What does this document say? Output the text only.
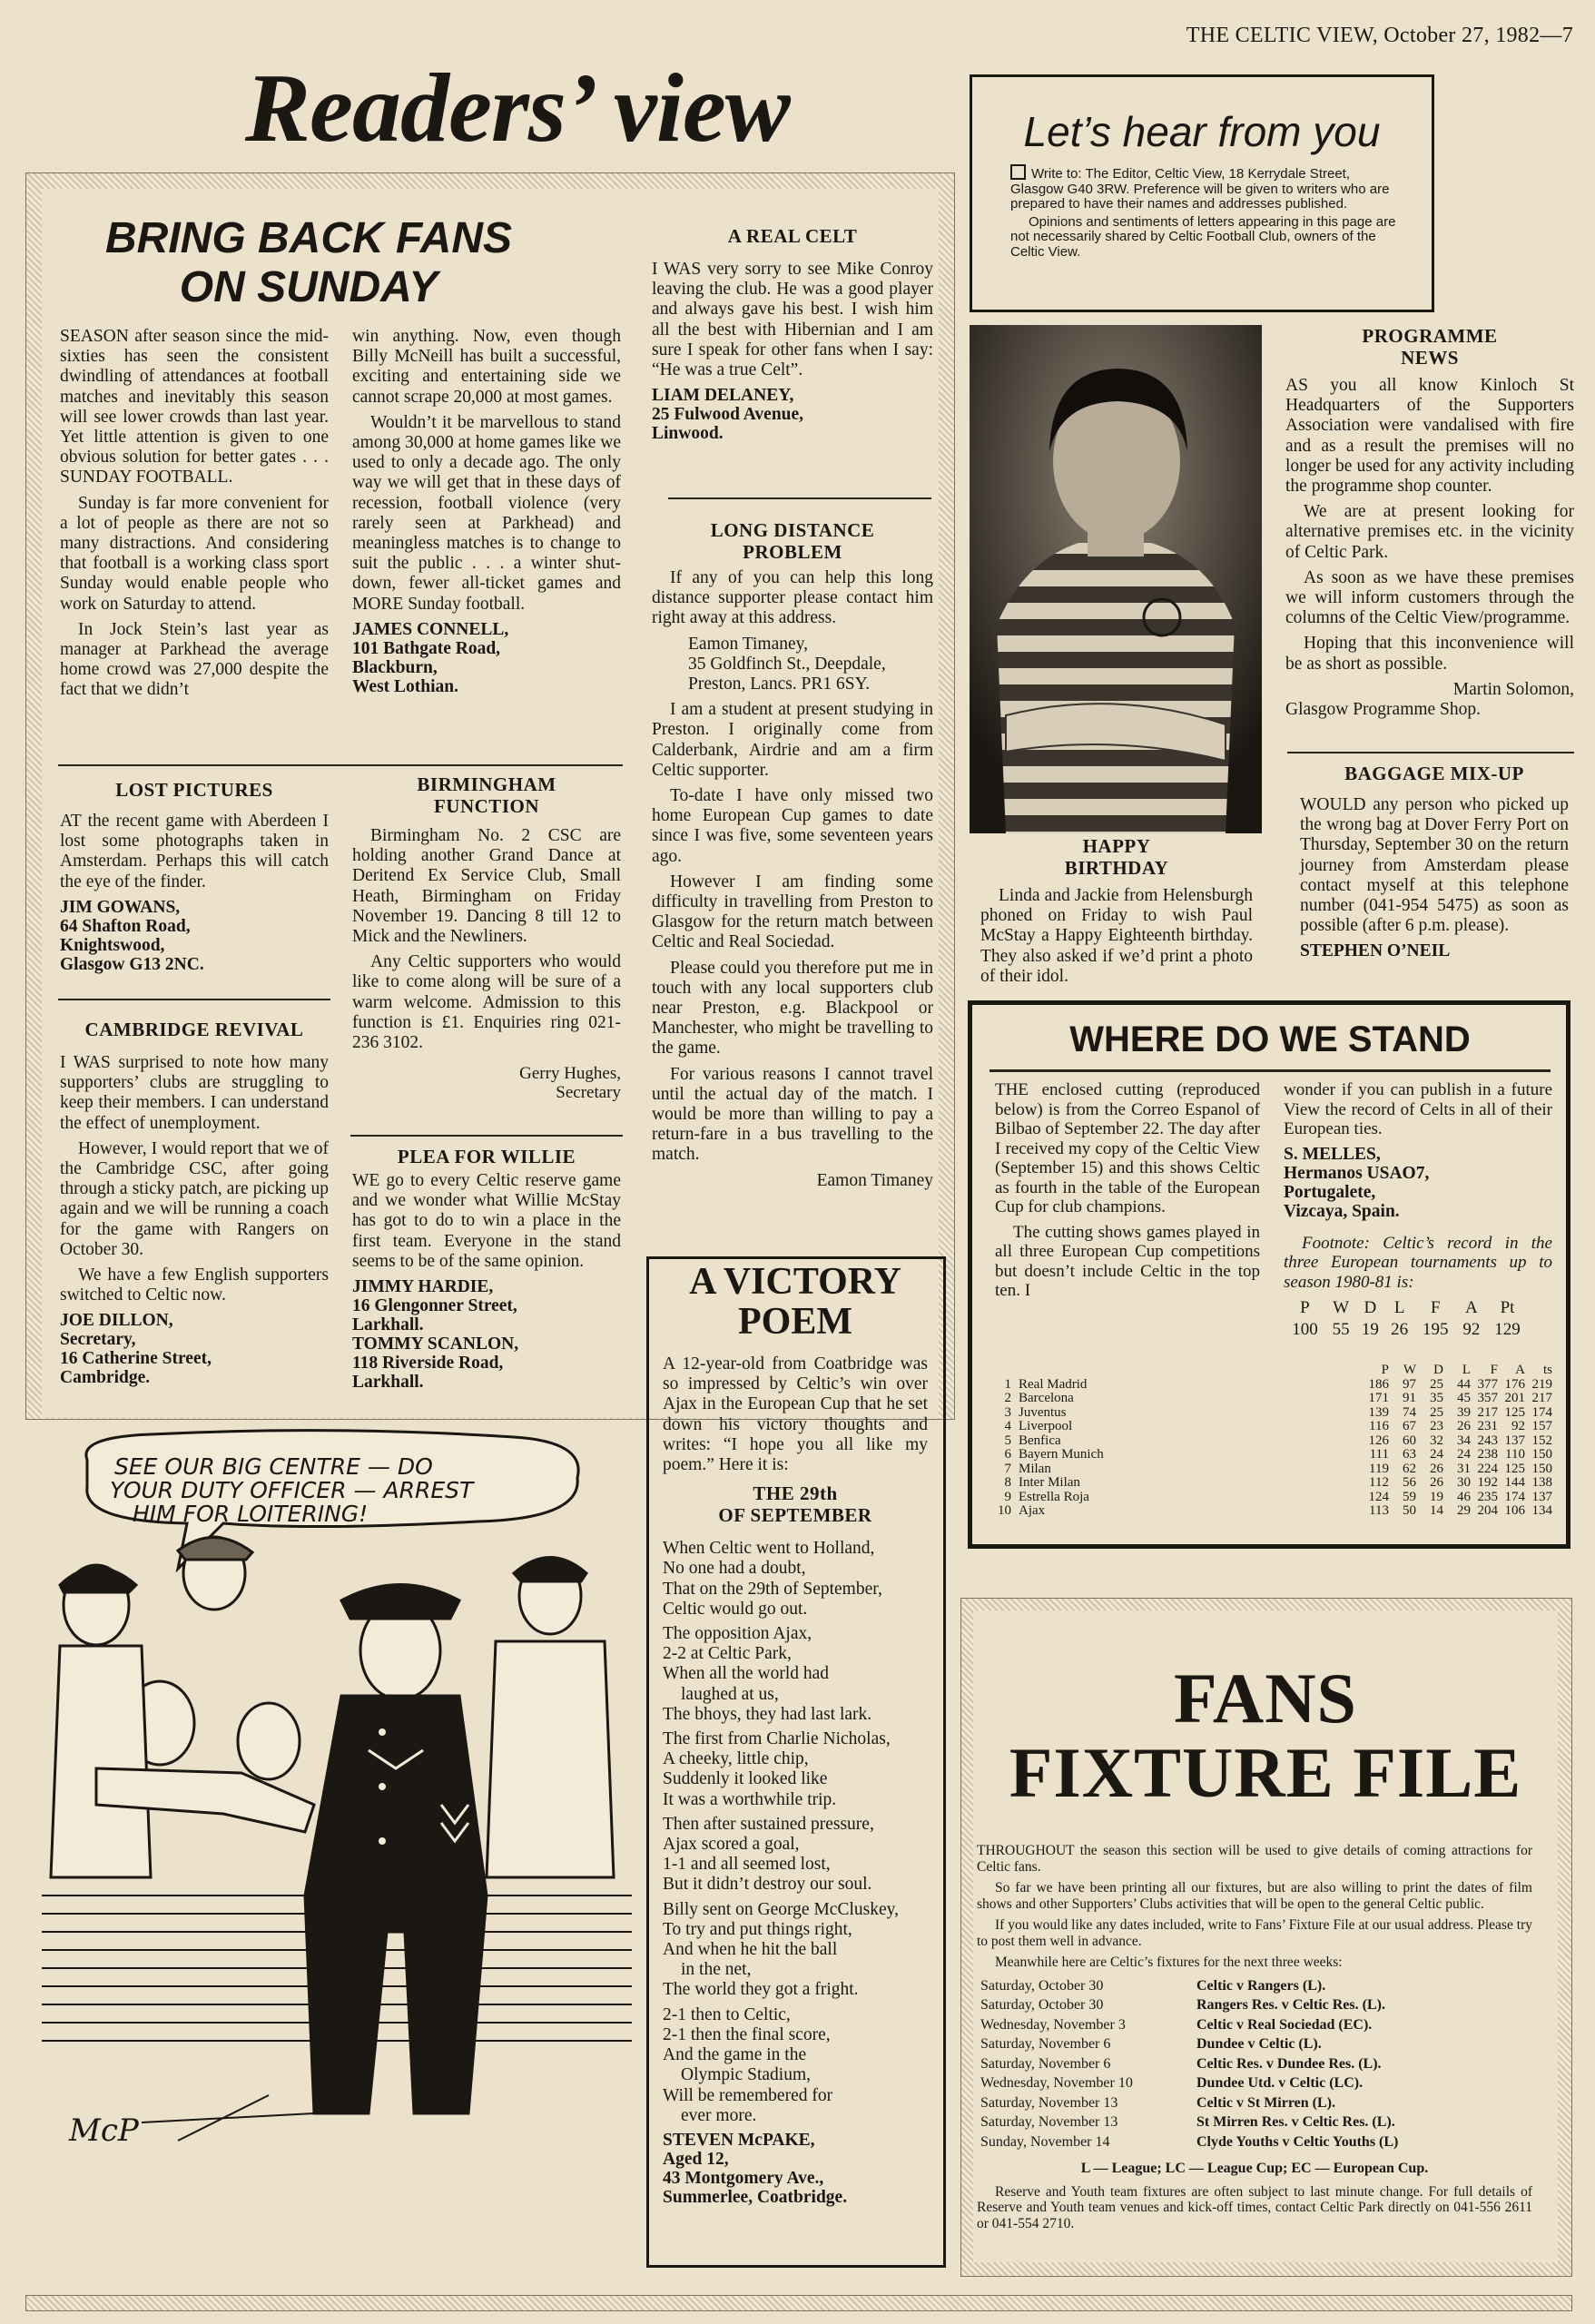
THE CELTIC VIEW, October 27, 1982—7
Readers’ view
BRING BACK FANS
ON SUNDAY

SEASON after season since the mid-sixties has seen the consistent dwindling of attendances at football matches and inevitably this season will see lower crowds than last year. Yet little attention is given to one obvious solution for better gates . . . SUNDAY FOOTBALL.

Sunday is far more convenient for a lot of people as there are not so many distractions. And considering that football is a working class sport Sunday would enable people who work on Saturday to attend.

In Jock Stein’s last year as manager at Parkhead the average home crowd was 27,000 despite the fact that we didn’t

win anything. Now, even though Billy McNeill has built a successful, exciting and entertaining side we cannot scrape 20,000 at most games.

Wouldn’t it be marvellous to stand among 30,000 at home games like we used to only a decade ago. The only way we will get that in these days of recession, football violence (very rarely seen at Parkhead) and meaningless matches is to change to suit the public . . . a winter shut-down, fewer all-ticket games and MORE Sunday football.

JAMES CONNELL,
101 Bathgate Road,
Blackburn,
West Lothian.
LOST PICTURES

AT the recent game with Aberdeen I lost some photographs taken in Amsterdam. Perhaps this will catch the eye of the finder.

JIM GOWANS,
64 Shafton Road,
Knightswood,
Glasgow G13 2NC.
CAMBRIDGE REVIVAL

I WAS surprised to note how many supporters’ clubs are struggling to keep their members. I can understand the effect of unemployment.

However, I would report that we of the Cambridge CSC, after going through a sticky patch, are picking up again and we will be running a coach for the game with Rangers on October 30.

We have a few English supporters switched to Celtic now.

JOE DILLON,
Secretary,
16 Catherine Street,
Cambridge.
BIRMINGHAM
FUNCTION

Birmingham No. 2 CSC are holding another Grand Dance at Deritend Ex Service Club, Small Heath, Birmingham on Friday November 19. Dancing 8 till 12 to Mick and the Newliners.

Any Celtic supporters who would like to come along will be sure of a warm welcome. Admission to this function is £1. Enquiries ring 021-236 3102.

Gerry Hughes,
Secretary
PLEA FOR WILLIE

WE go to every Celtic reserve game and we wonder what Willie McStay has got to do to win a place in the first team. Everyone in the stand seems to be of the same opinion.

JIMMY HARDIE,
16 Glengonner Street,
Larkhall.
TOMMY SCANLON,
118 Riverside Road,
Larkhall.
A REAL CELT

I WAS very sorry to see Mike Conroy leaving the club. He was a good player and always gave his best. I wish him all the best with Hibernian and I am sure I speak for other fans when I say: “He was a true Celt”.

LIAM DELANEY,
25 Fulwood Avenue,
Linwood.
LONG DISTANCE
PROBLEM

If any of you can help this long distance supporter please contact him right away at this address.

Eamon Timaney,
35 Goldfinch St., Deepdale,
Preston, Lancs. PR1 6SY.

I am a student at present studying in Preston. I originally come from Calderbank, Airdrie and am a firm Celtic supporter.

To-date I have only missed two home European Cup games to date since I was five, some seventeen years ago.

However I am finding some difficulty in travelling from Preston to Glasgow for the return match between Celtic and Real Sociedad.

Please could you therefore put me in touch with any local supporters club near Preston, e.g. Blackpool or Manchester, who might be travelling to the game.

For various reasons I cannot travel until the actual day of the match. I would be more than willing to pay a return-fare in a bus travelling to the match.

Eamon Timaney
SEE OUR BIG CENTRE — DO
YOUR DUTY OFFICER — ARREST
HIM FOR LOITERING!
McP
A VICTORY
POEM

A 12-year-old from Coatbridge was so impressed by Celtic’s win over Ajax in the European Cup that he set down his victory thoughts and writes: “I hope you all like my poem.” Here it is:

THE 29th
OF SEPTEMBER

When Celtic went to Holland,
No one had a doubt,
That on the 29th of September,
Celtic would go out.

The opposition Ajax,
2-2 at Celtic Park,
When all the world had
laughed at us,
The bhoys, they had last lark.

The first from Charlie Nicholas,
A cheeky, little chip,
Suddenly it looked like
It was a worthwhile trip.

Then after sustained pressure,
Ajax scored a goal,
1-1 and all seemed lost,
But it didn’t destroy our soul.

Billy sent on George McCluskey,
To try and put things right,
And when he hit the ball
in the net,
The world they got a fright.

2-1 then to Celtic,
2-1 then the final score,
And the game in the
Olympic Stadium,
Will be remembered for
ever more.

STEVEN McPAKE,
Aged 12,
43 Montgomery Ave.,
Summerlee, Coatbridge.
Let’s hear from you
Write to: The Editor, Celtic View, 18 Kerrydale Street, Glasgow G40 3RW. Preference will be given to writers who are prepared to have their names and addresses published.
Opinions and sentiments of letters appearing in this page are not necessarily shared by Celtic Football Club, owners of the Celtic View.
HAPPY
BIRTHDAY

Linda and Jackie from Helensburgh phoned on Friday to wish Paul McStay a Happy Eighteenth birthday. They also asked if we’d print a photo of their idol.

PROGRAMME
NEWS

AS you all know Kinloch St Headquarters of the Supporters Association were vandalised with fire and as a result the premises will no longer be used for any activity including the programme shop counter.

We are at present looking for alternative premises etc. in the vicinity of Celtic Park.

As soon as we have these premises we will inform customers through the columns of the Celtic View/programme.

Hoping that this inconvenience will be as short as possible.

Martin Solomon,
Glasgow Programme Shop.
BAGGAGE MIX-UP

WOULD any person who picked up the wrong bag at Dover Ferry Port on Thursday, September 30 on the return journey from Amsterdam please contact myself at this telephone number (041-954 5475) as soon as possible (after 6 p.m. please).

STEPHEN O’NEIL
WHERE DO WE STAND

THE enclosed cutting (reproduced below) is from the Correo Espanol of Bilbao of September 22. The day after I received my copy of the Celtic View (September 15) and this shows Celtic as fourth in the table of the European Cup for club champions.

The cutting shows games played in all three European Cup competitions but doesn’t include Celtic in the top ten. I

wonder if you can publish in a future View the record of Celts in all of their European ties.

S. MELLES,
Hermanos USAO7,
Portugalete,
Vizcaya, Spain.

Footnote: Celtic’s record in the three European tournaments up to season 1980-81 is:

P	W	D	L	F	A	Pt
100	55	19	26	195	92	129
		P	W	D	L	F	A	ts
1	Real Madrid	186	97	25	44	377	176	219
2	Barcelona	171	91	35	45	357	201	217
3	Juventus	139	74	25	39	217	125	174
4	Liverpool	116	67	23	26	231	92	157
5	Benfica	126	60	32	34	243	137	152
6	Bayern Munich	111	63	24	24	238	110	150
7	Milan	119	62	26	31	224	125	150
8	Inter Milan	112	56	26	30	192	144	138
9	Estrella Roja	124	59	19	46	235	174	137
10	Ajax	113	50	14	29	204	106	134
FANS
FIXTURE FILE

THROUGHOUT the season this section will be used to give details of coming attractions for Celtic fans.

So far we have been printing all our fixtures, but are also willing to print the dates of film shows and other Supporters’ Clubs activities that will be open to the general Celtic public.

If you would like any dates included, write to Fans’ Fixture File at our usual address. Please try to post them well in advance.

Meanwhile here are Celtic’s fixtures for the next three weeks:

Saturday, October 30	Celtic v Rangers (L).
Saturday, October 30	Rangers Res. v Celtic Res. (L).
Wednesday, November 3	Celtic v Real Sociedad (EC).
Saturday, November 6	Dundee v Celtic (L).
Saturday, November 6	Celtic Res. v Dundee Res. (L).
Wednesday, November 10	Dundee Utd. v Celtic (LC).
Saturday, November 13	Celtic v St Mirren (L).
Saturday, November 13	St Mirren Res. v Celtic Res. (L).
Sunday, November 14	Clyde Youths v Celtic Youths (L)
L — League; LC — League Cup; EC — European Cup.

Reserve and Youth team fixtures are often subject to last minute change. For full details of Reserve and Youth team venues and kick-off times, contact Celtic Park directly on 041-556 2611 or 041-554 2710.
